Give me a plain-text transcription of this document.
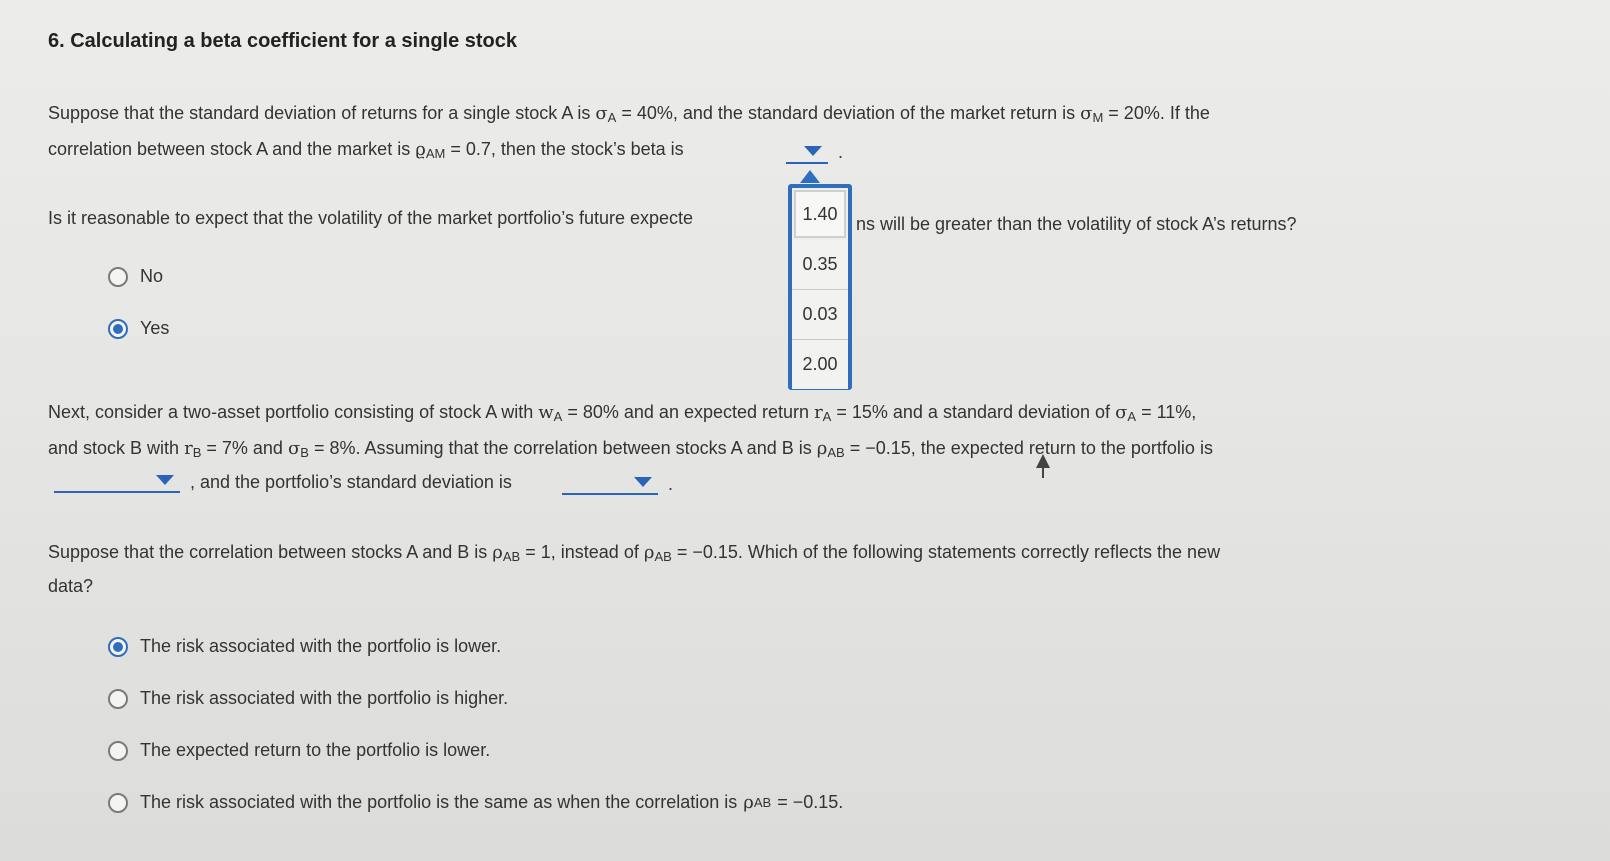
6. Calculating a beta coefficient for a single stock
Suppose that the standard deviation of returns for a single stock A is $\sigma_A = 40\%$, and the standard deviation of the market return is $\sigma_M = 20\%$. If the
correlation between stock A and the market is $ϱ_{AM} = 0.7$, then the stock’s beta is	.
1.40
0.35
0.03
2.00
Is it reasonable to expect that the volatility of the market portfolio’s future expecte	ns will be greater than the volatility of stock A’s returns?
No
Yes
Next, consider a two-asset portfolio consisting of stock A with $w_A = 80\%$ and an expected return $r_A = 15\%$ and a standard deviation of $\sigma_A = 11\%$,
and stock B with $r_B = 7\%$ and $\sigma_B = 8\%$. Assuming that the correlation between stocks A and B is $\rho_{AB} = -0.15$, the expected return to the portfolio is
, and the portfolio’s standard deviation is	.
Suppose that the correlation between stocks A and B is $\rho_{AB} = 1$, instead of $\rho_{AB} = -0.15$. Which of the following statements correctly reflects the new
data?
The risk associated with the portfolio is lower.
The risk associated with the portfolio is higher.
The expected return to the portfolio is lower.
The risk associated with the portfolio is the same as when the correlation is ρ AB = −0.15.
